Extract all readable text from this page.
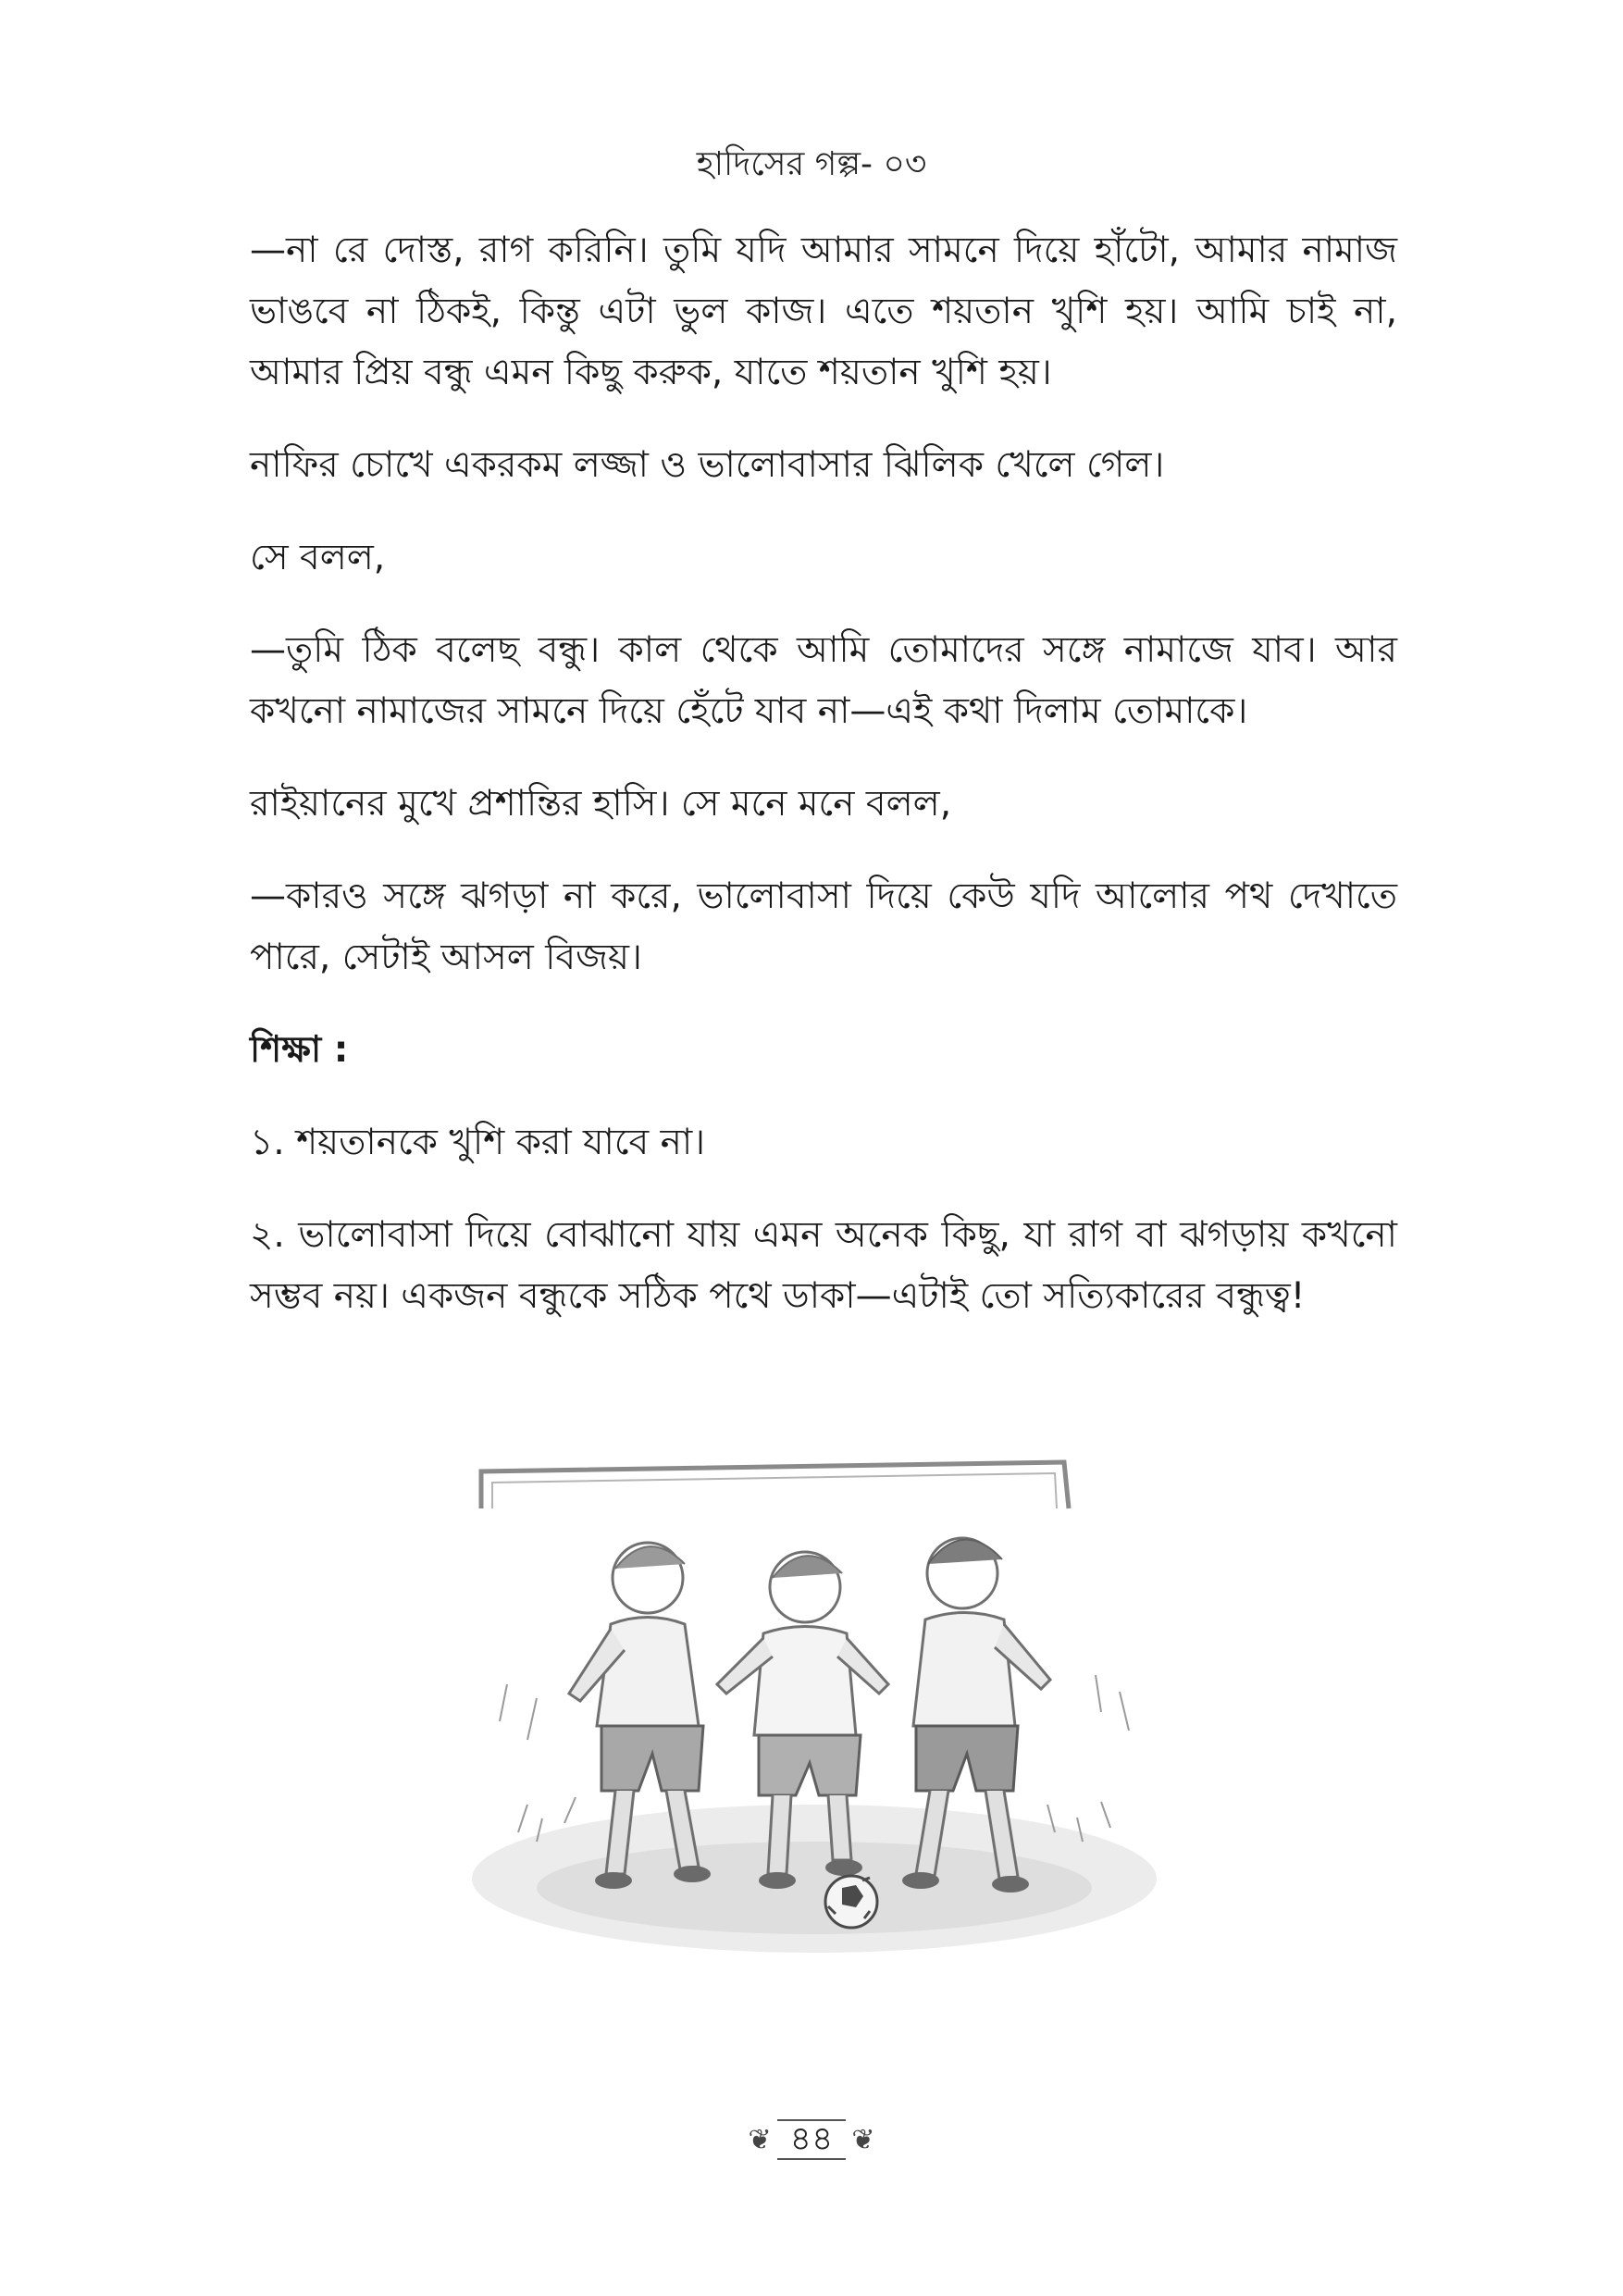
হাদিসের গল্প- ০৩

—না রে দোস্ত, রাগ করিনি। তুমি যদি আমার সামনে দিয়ে হাঁটো, আমার নামাজ ভাঙবে না ঠিকই, কিন্তু এটা ভুল কাজ। এতে শয়তান খুশি হয়। আমি চাই না, আমার প্রিয় বন্ধু এমন কিছু করুক, যাতে শয়তান খুশি হয়।

নাফির চোখে একরকম লজ্জা ও ভালোবাসার ঝিলিক খেলে গেল।

সে বলল,

—তুমি ঠিক বলেছ বন্ধু। কাল থেকে আমি তোমাদের সঙ্গে নামাজে যাব। আর কখনো নামাজের সামনে দিয়ে হেঁটে যাব না—এই কথা দিলাম তোমাকে।

রাইয়ানের মুখে প্রশান্তির হাসি। সে মনে মনে বলল,

—কারও সঙ্গে ঝগড়া না করে, ভালোবাসা দিয়ে কেউ যদি আলোর পথ দেখাতে পারে, সেটাই আসল বিজয়।

শিক্ষা :

১. শয়তানকে খুশি করা যাবে না।

২. ভালোবাসা দিয়ে বোঝানো যায় এমন অনেক কিছু, যা রাগ বা ঝগড়ায় কখনো সম্ভব নয়। একজন বন্ধুকে সঠিক পথে ডাকা—এটাই তো সত্যিকারের বন্ধুত্ব!

❦ ৪৪ ❦
